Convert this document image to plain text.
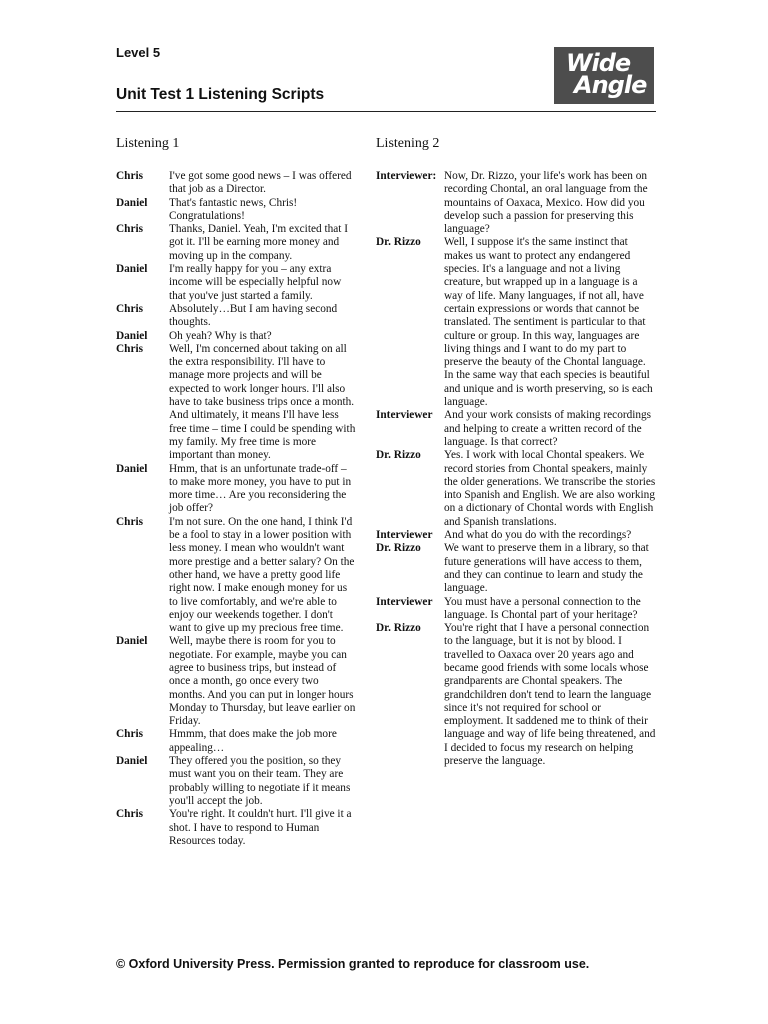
Level 5
Unit Test 1 Listening Scripts
Wide
Angle
Listening 1
Chris	I've got some good news – I was offered that job as a Director.
Daniel	That's fantastic news, Chris! Congratulations!
Chris	Thanks, Daniel. Yeah, I'm excited that I got it. I'll be earning more money and moving up in the company.
Daniel	I'm really happy for you – any extra income will be especially helpful now that you've just started a family.
Chris	Absolutely…But I am having second thoughts.
Daniel	Oh yeah? Why is that?
Chris	Well, I'm concerned about taking on all the extra responsibility. I'll have to manage more projects and will be expected to work longer hours. I'll also have to take business trips once a month. And ultimately, it means I'll have less free time – time I could be spending with my family. My free time is more important than money.
Daniel	Hmm, that is an unfortunate trade-off – to make more money, you have to put in more time… Are you reconsidering the job offer?
Chris	I'm not sure. On the one hand, I think I'd be a fool to stay in a lower position with less money. I mean who wouldn't want more prestige and a better salary? On the other hand, we have a pretty good life right now. I make enough money for us to live comfortably, and we're able to enjoy our weekends together. I don't want to give up my precious free time.
Daniel	Well, maybe there is room for you to negotiate. For example, maybe you can agree to business trips, but instead of once a month, go once every two months. And you can put in longer hours Monday to Thursday, but leave earlier on Friday.
Chris	Hmmm, that does make the job more appealing…
Daniel	They offered you the position, so they must want you on their team. They are probably willing to negotiate if it means you'll accept the job.
Chris	You're right. It couldn't hurt. I'll give it a shot. I have to respond to Human Resources today.
Listening 2
Interviewer: Now, Dr. Rizzo, your life's work has been on recording Chontal, an oral language from the mountains of Oaxaca, Mexico. How did you develop such a passion for preserving this language?
Dr. Rizzo	Well, I suppose it's the same instinct that makes us want to protect any endangered species. It's a language and not a living creature, but wrapped up in a language is a way of life. Many languages, if not all, have certain expressions or words that cannot be translated. The sentiment is particular to that culture or group. In this way, languages are living things and I want to do my part to preserve the beauty of the Chontal language. In the same way that each species is beautiful and unique and is worth preserving, so is each language.
Interviewer	And your work consists of making recordings and helping to create a written record of the language. Is that correct?
Dr. Rizzo	Yes. I work with local Chontal speakers. We record stories from Chontal speakers, mainly the older generations. We transcribe the stories into Spanish and English. We are also working on a dictionary of Chontal words with English and Spanish translations.
Interviewer	And what do you do with the recordings?
Dr. Rizzo	We want to preserve them in a library, so that future generations will have access to them, and they can continue to learn and study the language.
Interviewer	You must have a personal connection to the language. Is Chontal part of your heritage?
Dr. Rizzo	You're right that I have a personal connection to the language, but it is not by blood. I travelled to Oaxaca over 20 years ago and became good friends with some locals whose grandparents are Chontal speakers. The grandchildren don't tend to learn the language since it's not required for school or employment. It saddened me to think of their language and way of life being threatened, and I decided to focus my research on helping preserve the language.
© Oxford University Press. Permission granted to reproduce for classroom use.
